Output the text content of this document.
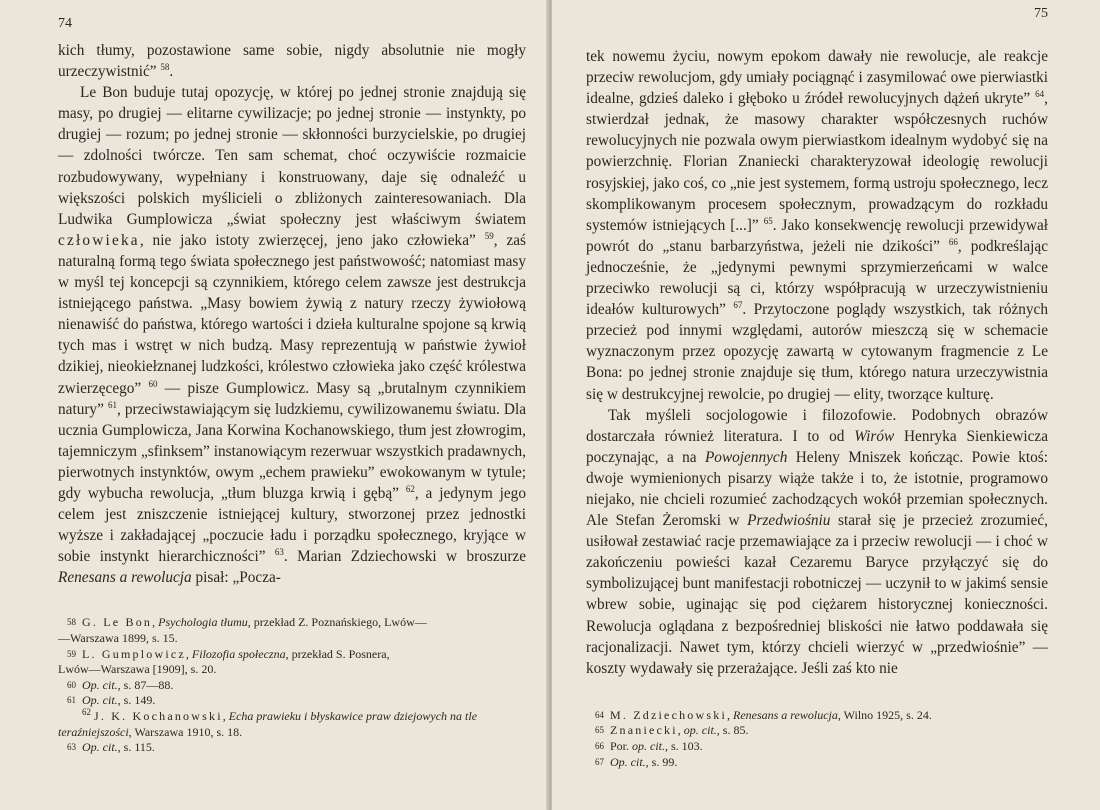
74

kich tłumy, pozostawione same sobie, nigdy absolutnie nie mogły urzeczywistnić” $^{58}$.

Le Bon buduje tutaj opozycję, w której po jednej stronie znajdują się masy, po drugiej — elitarne cywilizacje; po jednej stronie — instynkty, po drugiej — rozum; po jednej stronie — skłonności burzycielskie, po drugiej — zdolności twórcze. Ten sam schemat, choć oczywiście rozmaicie rozbudowywany, wypełniany i konstruowany, daje się odnaleźć u większości polskich myślicieli o zbliżonych zainteresowaniach. Dla Ludwika Gumplowicza „świat społeczny jest właściwym światem człowieka, nie jako istoty zwierzęcej, jeno jako człowieka” $^{59}$, zaś naturalną formą tego świata społecznego jest państwowość; natomiast masy w myśl tej koncepcji są czynnikiem, którego celem zawsze jest destrukcja istniejącego państwa. „Masy bowiem żywią z natury rzeczy żywiołową nienawiść do państwa, którego wartości i dzieła kulturalne spojone są krwią tych mas i wstręt w nich budzą. Masy reprezentują w państwie żywioł dzikiej, nieokiełznanej ludzkości, królestwo człowieka jako część królestwa zwierzęcego” $^{60}$ — pisze Gumplowicz. Masy są „brutalnym czynnikiem natury” $^{61}$, przeciwstawiającym się ludzkiemu, cywilizowanemu światu. Dla ucznia Gumplowicza, Jana Korwina Kochanowskiego, tłum jest złowrogim, tajemniczym „sfinksem” instanowiącym rezerwuar wszystkich pradawnych, pierwotnych instynktów, owym „echem prawieku” ewokowanym w tytule; gdy wybucha rewolucja, „tłum bluzga krwią i gębą” $^{62}$, a jedynym jego celem jest zniszczenie istniejącej kultury, stworzonej przez jednostki wyższe i zakładającej „poczucie ładu i porządku społecznego, kryjące w sobie instynkt hierarchiczności” $^{63}$. Marian Zdziechowski w broszurze Renesans a rewolucja pisał: „Pocza-

58 G. Le Bon, Psychologia tłumu, przekład Z. Poznańskiego, Lwów—
—Warszawa 1899, s. 15.
59 L. Gumplowicz, Filozofia społeczna, przekład S. Posnera,
Lwów—Warszawa [1909], s. 20.
60 Op. cit., s. 87—88.
61 Op. cit., s. 149.
$^{62}$ J. K. Kochanowski, Echa prawieku i błyskawice praw dziejowych na tle teraźniejszości, Warszawa 1910, s. 18.
63 Op. cit., s. 115.
75

tek nowemu życiu, nowym epokom dawały nie rewolucje, ale reakcje przeciw rewolucjom, gdy umiały pociągnąć i zasymilować owe pierwiastki idealne, gdzieś daleko i głęboko u źródeł rewolucyjnych dążeń ukryte” $^{64}$, stwierdzał jednak, że masowy charakter współczesnych ruchów rewolucyjnych nie pozwala owym pierwiastkom idealnym wydobyć się na powierzchnię. Florian Znaniecki charakteryzował ideologię rewolucji rosyjskiej, jako coś, co „nie jest systemem, formą ustroju społecznego, lecz skomplikowanym procesem społecznym, prowadzącym do rozkładu systemów istniejących [...]” $^{65}$. Jako konsekwencję rewolucji przewidywał powrót do „stanu barbarzyństwa, jeżeli nie dzikości” $^{66}$, podkreślając jednocześnie, że „jedynymi pewnymi sprzymierzeńcami w walce przeciwko rewolucji są ci, którzy współpracują w urzeczywistnieniu ideałów kulturowych” $^{67}$. Przytoczone poglądy wszystkich, tak różnych przecież pod innymi względami, autorów mieszczą się w schemacie wyznaczonym przez opozycję zawartą w cytowanym fragmencie z Le Bona: po jednej stronie znajduje się tłum, którego natura urzeczywistnia się w destrukcyjnej rewolcie, po drugiej — elity, tworzące kulturę.

Tak myśleli socjologowie i filozofowie. Podobnych obrazów dostarczała również literatura. I to od Wirów Henryka Sienkiewicza poczynając, a na Powojennych Heleny Mniszek kończąc. Powie ktoś: dwoje wymienionych pisarzy wiąże także i to, że istotnie, programowo niejako, nie chcieli rozumieć zachodzących wokół przemian społecznych. Ale Stefan Żeromski w Przedwiośniu starał się je przecież zrozumieć, usiłował zestawiać racje przemawiające za i przeciw rewolucji — i choć w zakończeniu powieści kazał Cezaremu Baryce przyłączyć się do symbolizującej bunt manifestacji robotniczej — uczynił to w jakimś sensie wbrew sobie, uginając się pod ciężarem historycznej konieczności. Rewolucja oglądana z bezpośredniej bliskości nie łatwo poddawała się racjonalizacji. Nawet tym, którzy chcieli wierzyć w „przedwiośnie” — koszty wydawały się przerażające. Jeśli zaś kto nie

64 M. Zdziechowski, Renesans a rewolucja, Wilno 1925, s. 24.
65 Znaniecki, op. cit., s. 85.
66 Por. op. cit., s. 103.
67 Op. cit., s. 99.
